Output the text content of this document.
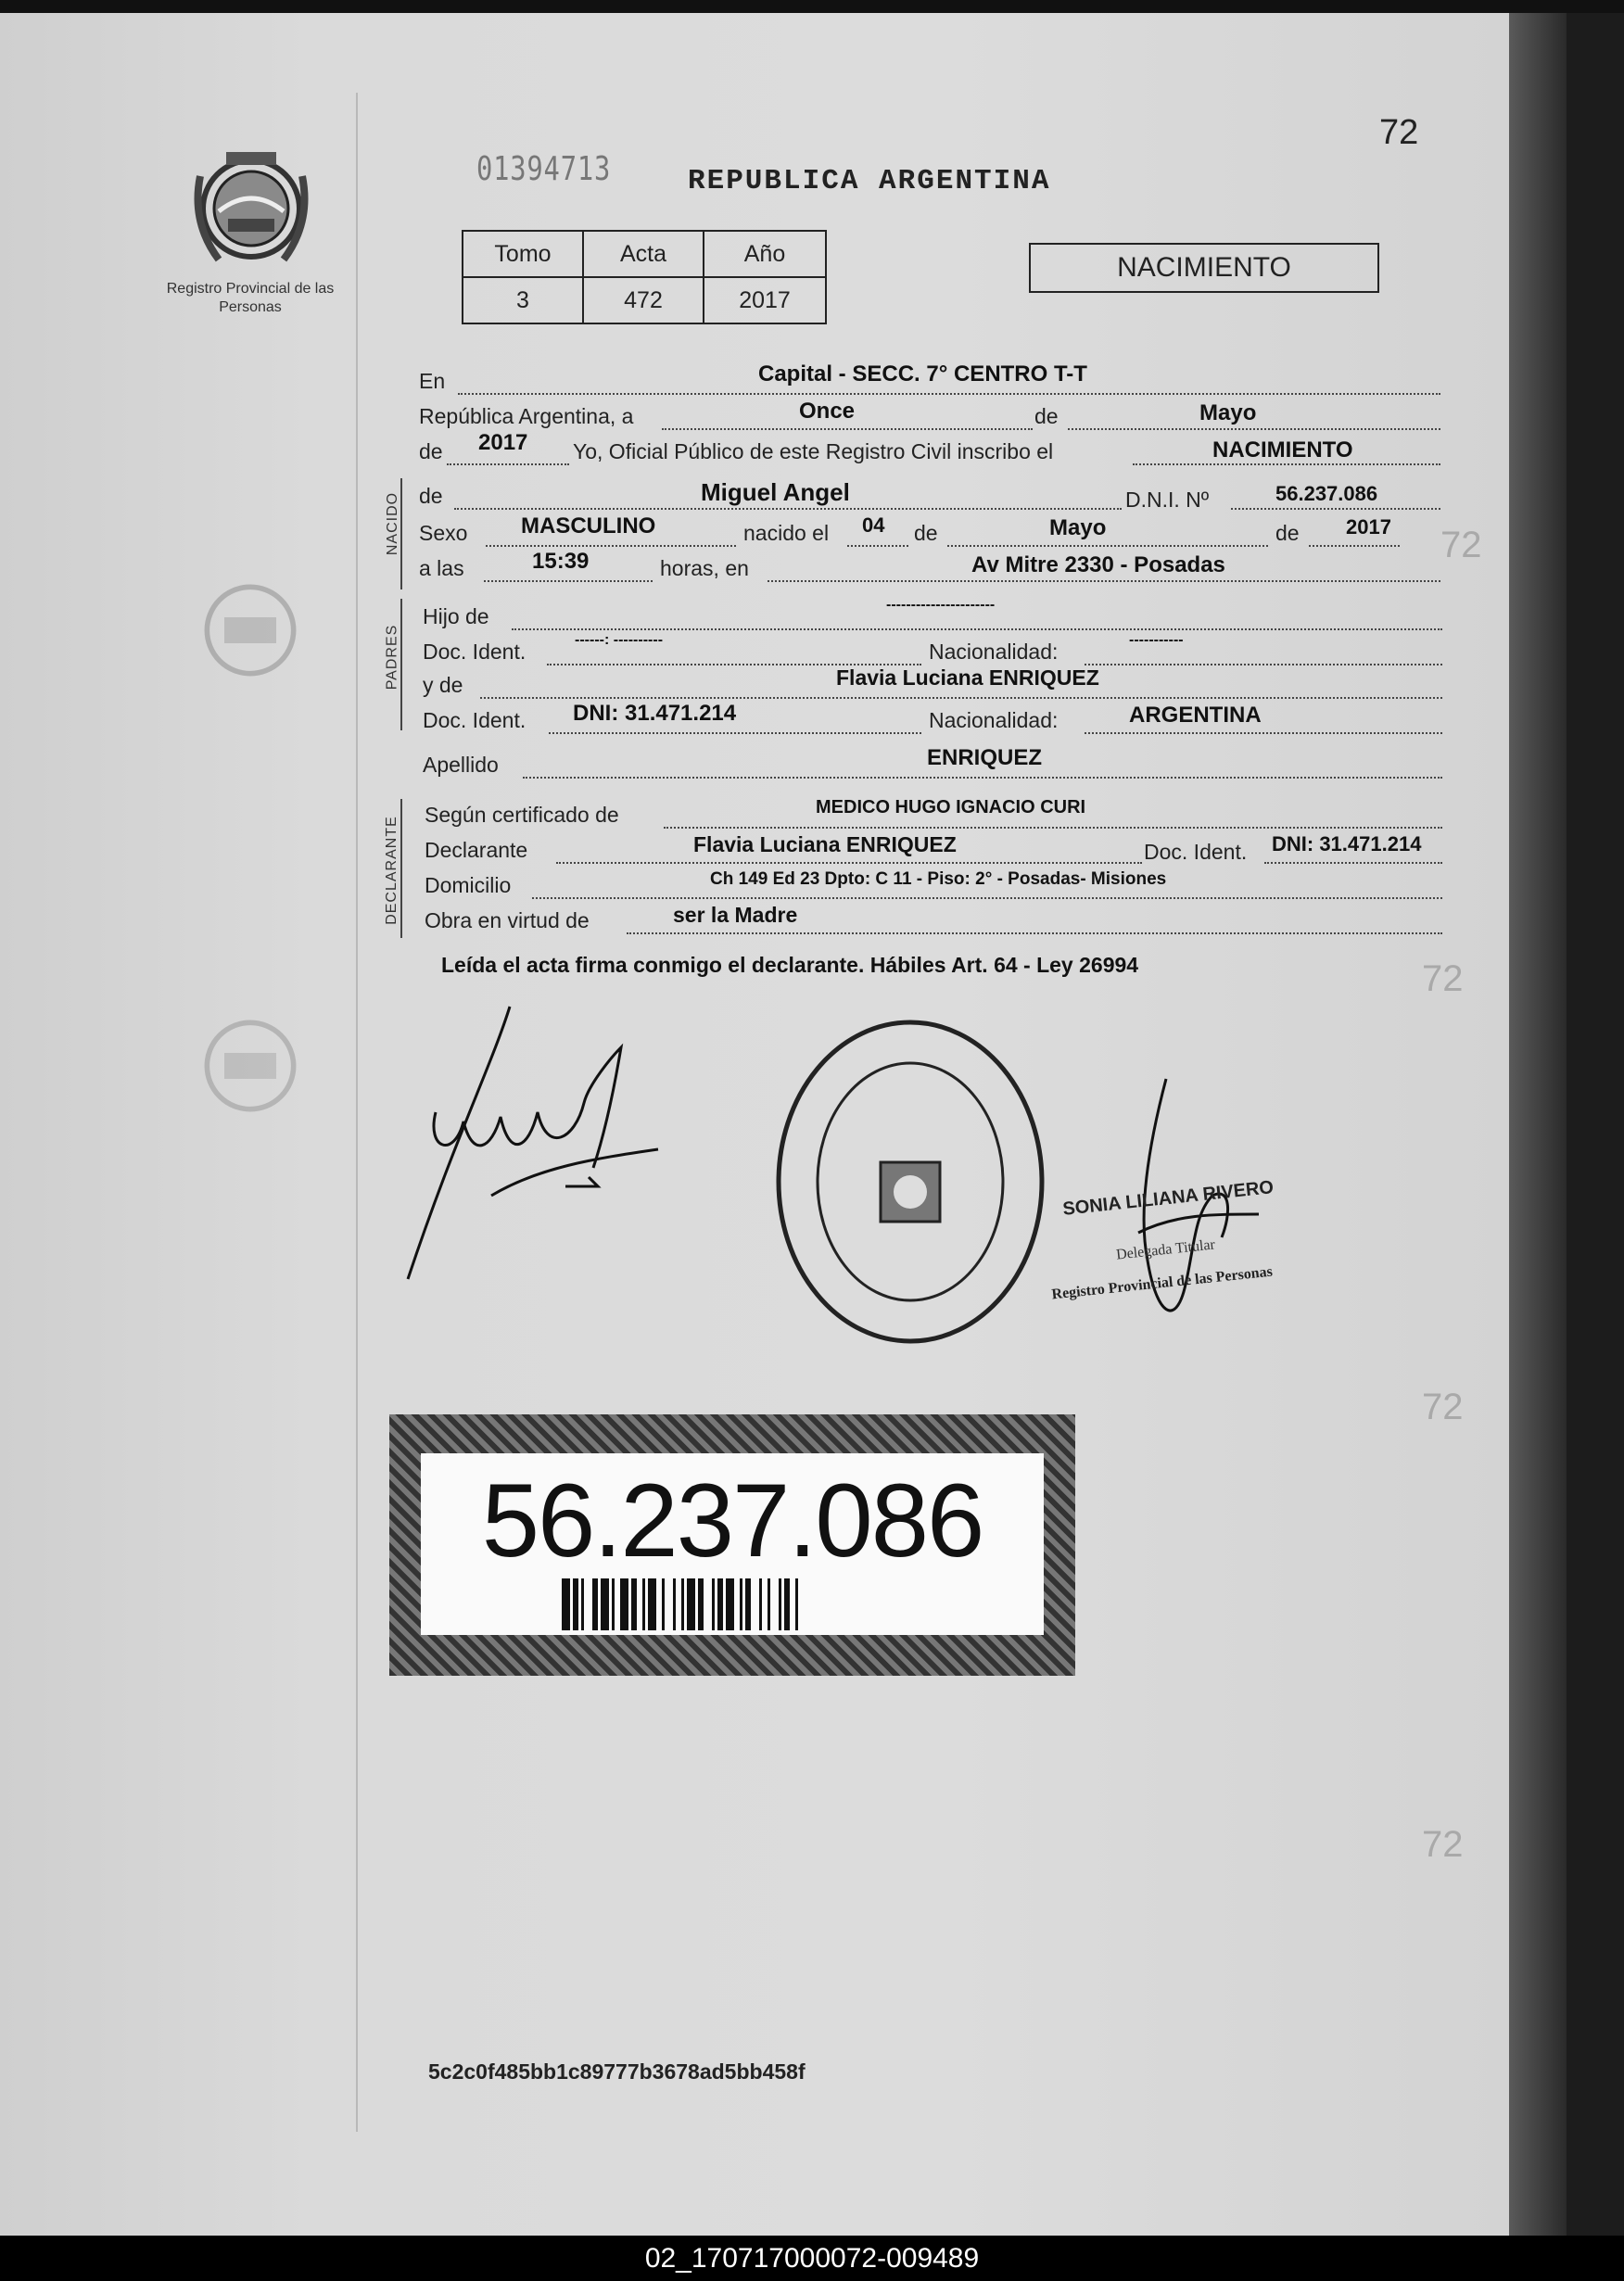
Registro Provincial de las Personas
72
01394713	REPUBLICA ARGENTINA
Tomo	Acta	Año
3	472	2017
NACIMIENTO
NACIDO
PADRES
DECLARANTE
En	Capital - SECC. 7° CENTRO T-T
República Argentina, a	Once	de	Mayo
de 2017 Yo, Oficial Público de este Registro Civil inscribo el	NACIMIENTO
de	Miguel Angel	D.N.I. Nº	56.237.086
Sexo MASCULINO	nacido el 04 de	Mayo	de 2017
a las	15:39	horas, en	Av Mitre 2330 - Posadas
Hijo de	----------------------
Doc. Ident.	------: ----------	Nacionalidad:	-----------
y de	Flavia Luciana ENRIQUEZ
Doc. Ident. DNI: 31.471.214	Nacionalidad:	ARGENTINA
Apellido	ENRIQUEZ
Según certificado de	MEDICO HUGO IGNACIO CURI
Declarante	Flavia Luciana ENRIQUEZ	Doc. Ident. DNI: 31.471.214
Domicilio	Ch 149 Ed 23 Dpto: C 11 - Piso: 2° - Posadas- Misiones
Obra en virtud de	ser la Madre
Leída el acta firma conmigo el declarante. Hábiles Art. 64 - Ley 26994
72
72
72
72
SONIA LILIANA RIVERO
Delegada Titular
Registro Provincial de las Personas
56.237.086
5c2c0f485bb1c89777b3678ad5bb458f
02_170717000072-009489
